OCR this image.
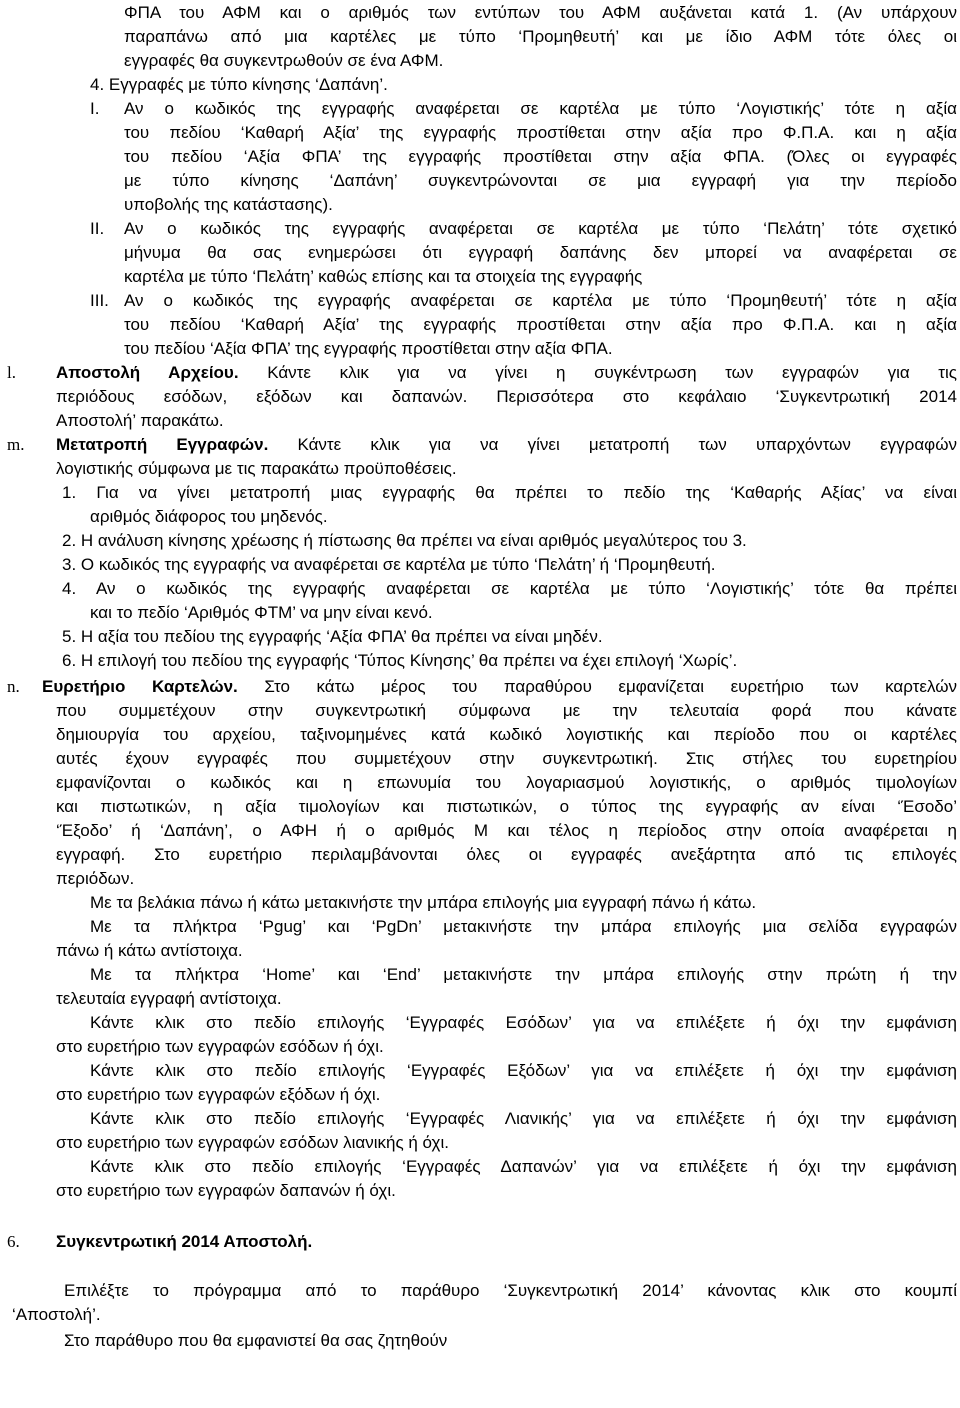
ΦΠΑ του ΑΦΜ και ο αριθμός των εντύπων του ΑΦΜ αυξάνεται κατά 1. (Αν υπάρχουν

παραπάνω από μια καρτέλες με τύπο ‘Προμηθευτή’ και με ίδιο ΑΦΜ τότε όλες οι

εγγραφές θα συγκεντρωθούν σε ένα ΑΦΜ.

4. Εγγραφές με τύπο κίνησης ‘Δαπάνη’.

I. Αν ο κωδικός της εγγραφής αναφέρεται σε καρτέλα με τύπο ‘Λογιστικής’ τότε η αξία

του πεδίου ‘Καθαρή Αξία’ της εγγραφής προστίθεται στην αξία προ Φ.Π.Α. και η αξία

του πεδίου ‘Αξία ΦΠΑ’ της εγγραφής προστίθεται στην αξία ΦΠΑ. (Όλες οι εγγραφές

με τύπο κίνησης ‘Δαπάνη’ συγκεντρώνονται σε μια εγγραφή για την περίοδο

υποβολής της κατάστασης).

II. Αν ο κωδικός της εγγραφής αναφέρεται σε καρτέλα με τύπο ‘Πελάτη’ τότε σχετικό

μήνυμα θα σας ενημερώσει ότι εγγραφή δαπάνης δεν μπορεί να αναφέρεται σε

καρτέλα με τύπο ‘Πελάτη’ καθώς επίσης και τα στοιχεία της εγγραφής

III. Αν ο κωδικός της εγγραφής αναφέρεται σε καρτέλα με τύπο ‘Προμηθευτή’ τότε η αξία

του πεδίου ‘Καθαρή Αξία’ της εγγραφής προστίθεται στην αξία προ Φ.Π.Α. και η αξία

του πεδίου ‘Αξία ΦΠΑ’ της εγγραφής προστίθεται στην αξία ΦΠΑ.

l. Αποστολή Αρχείου. Κάντε κλικ για να γίνει η συγκέντρωση των εγγραφών για τις

περιόδους εσόδων, εξόδων και δαπανών. Περισσότερα στο κεφάλαιο ‘Συγκεντρωτική 2014

Αποστολή’ παρακάτω.

m. Μετατροπή Εγγραφών. Κάντε κλικ για να γίνει μετατροπή των υπαρχόντων εγγραφών

λογιστικής σύμφωνα με τις παρακάτω προϋποθέσεις.

1. Για να γίνει μετατροπή μιας εγγραφής θα πρέπει το πεδίο της ‘Καθαρής Αξίας’ να είναι

αριθμός διάφορος του μηδενός.

2. Η ανάλυση κίνησης χρέωσης ή πίστωσης θα πρέπει να είναι αριθμός μεγαλύτερος του 3.

3. Ο κωδικός της εγγραφής να αναφέρεται σε καρτέλα με τύπο ‘Πελάτη’ ή ‘Προμηθευτή.

4. Αν ο κωδικός της εγγραφής αναφέρεται σε καρτέλα με τύπο ‘Λογιστικής’ τότε θα πρέπει

και το πεδίο ‘Αριθμός ΦΤΜ’ να μην είναι κενό.

5. Η αξία του πεδίου της εγγραφής ‘Αξία ΦΠΑ’ θα πρέπει να είναι μηδέν.

6. Η επιλογή του πεδίου της εγγραφής ‘Τύπος Κίνησης’ θα πρέπει να έχει επιλογή ‘Χωρίς’.

n. Ευρετήριο Καρτελών. Στο κάτω μέρος του παραθύρου εμφανίζεται ευρετήριο των καρτελών

που συμμετέχουν στην συγκεντρωτική σύμφωνα με την τελευταία φορά που κάνατε

δημιουργία του αρχείου, ταξινομημένες κατά κωδικό λογιστικής και περίοδο που οι καρτέλες

αυτές έχουν εγγραφές που συμμετέχουν στην συγκεντρωτική. Στις στήλες του ευρετηρίου

εμφανίζονται ο κωδικός και η επωνυμία του λογαριασμού λογιστικής, ο αριθμός τιμολογίων

και πιστωτικών, η αξία τιμολογίων και πιστωτικών, ο τύπος της εγγραφής αν είναι ‘Έσοδο’

‘Έξοδο’ ή ‘Δαπάνη’, ο ΑΦΗ ή ο αριθμός Μ και τέλος η περίοδος στην οποία αναφέρεται η

εγγραφή. Στο ευρετήριο περιλαμβάνονται όλες οι εγγραφές ανεξάρτητα από τις επιλογές

περιόδων.

Με τα βελάκια πάνω ή κάτω μετακινήστε την μπάρα επιλογής μια εγγραφή πάνω ή κάτω.

Με τα πλήκτρα ‘Pgug’ και ‘PgDn’ μετακινήστε την μπάρα επιλογής μια σελίδα εγγραφών

πάνω ή κάτω αντίστοιχα.

Με τα πλήκτρα ‘Home’ και ‘End’ μετακινήστε την μπάρα επιλογής στην πρώτη ή την

τελευταία εγγραφή αντίστοιχα.

Κάντε κλικ στο πεδίο επιλογής ‘Εγγραφές Εσόδων’ για να επιλέξετε ή όχι την εμφάνιση

στο ευρετήριο των εγγραφών εσόδων ή όχι.

Κάντε κλικ στο πεδίο επιλογής ‘Εγγραφές Εξόδων’ για να επιλέξετε ή όχι την εμφάνιση

στο ευρετήριο των εγγραφών εξόδων ή όχι.

Κάντε κλικ στο πεδίο επιλογής ‘Εγγραφές Λιανικής’ για να επιλέξετε ή όχι την εμφάνιση

στο ευρετήριο των εγγραφών εσόδων λιανικής ή όχι.

Κάντε κλικ στο πεδίο επιλογής ‘Εγγραφές Δαπανών’ για να επιλέξετε ή όχι την εμφάνιση

στο ευρετήριο των εγγραφών δαπανών ή όχι.

6. Συγκεντρωτική 2014 Αποστολή.

Επιλέξτε το πρόγραμμα από το παράθυρο ‘Συγκεντρωτική 2014’ κάνοντας κλικ στο κουμπί

‘Αποστολή’.

Στο παράθυρο που θα εμφανιστεί θα σας ζητηθούν
